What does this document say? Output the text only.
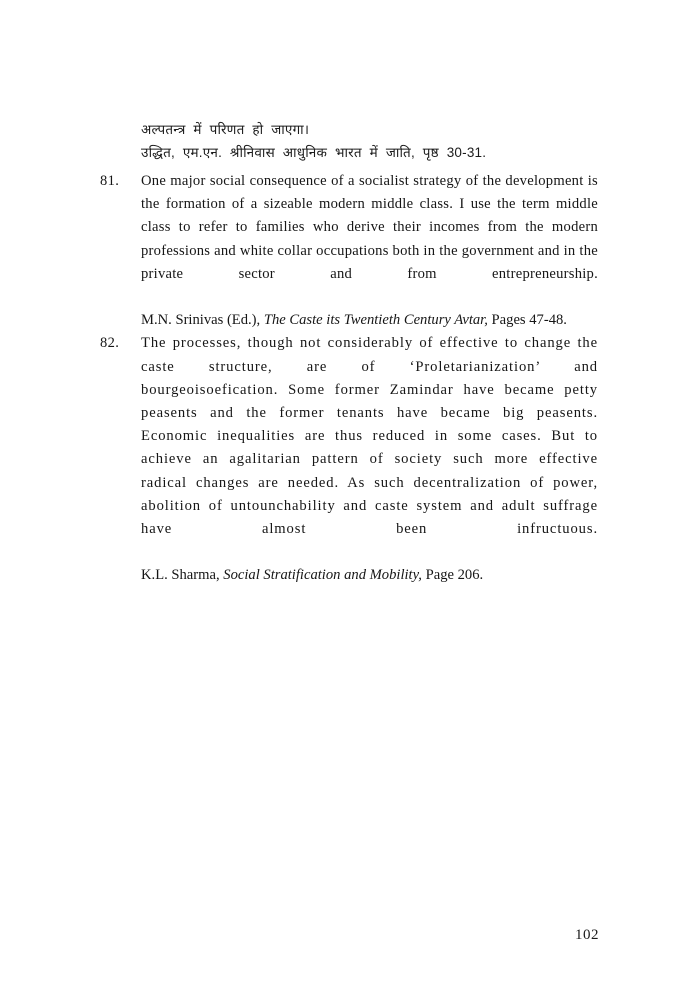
अल्पतन्त्र  में  परिणत  हो  जाएगा।
उद्धित,  एम.एन.  श्रीनिवास  आधुनिक  भारत  में  जाति,  पृष्ठ  30-31.
81.	One major social consequence of a socialist strategy of the development is the formation of a sizeable modern middle class. I use the term middle class to refer to families who derive their incomes from the modern professions and white collar occupations both in the government and in the private sector and from entrepreneurship.

M.N. Srinivas (Ed.), The Caste its Twentieth Century Avtar, Pages 47-48.

82.	The processes, though not considerably of effective to change the caste structure, are of ‘Proletarianization’ and bourgeoisoefication. Some former Zamindar have became petty peasents and the former tenants have became big peasents. Economic inequalities are thus reduced in some cases. But to achieve an agalitarian pattern of society such more effective radical changes are needed. As such decentralization of power, abolition of untounchability and caste system and adult suffrage have almost been infructuous.

K.L. Sharma, Social Stratification and Mobility, Page 206.

102
